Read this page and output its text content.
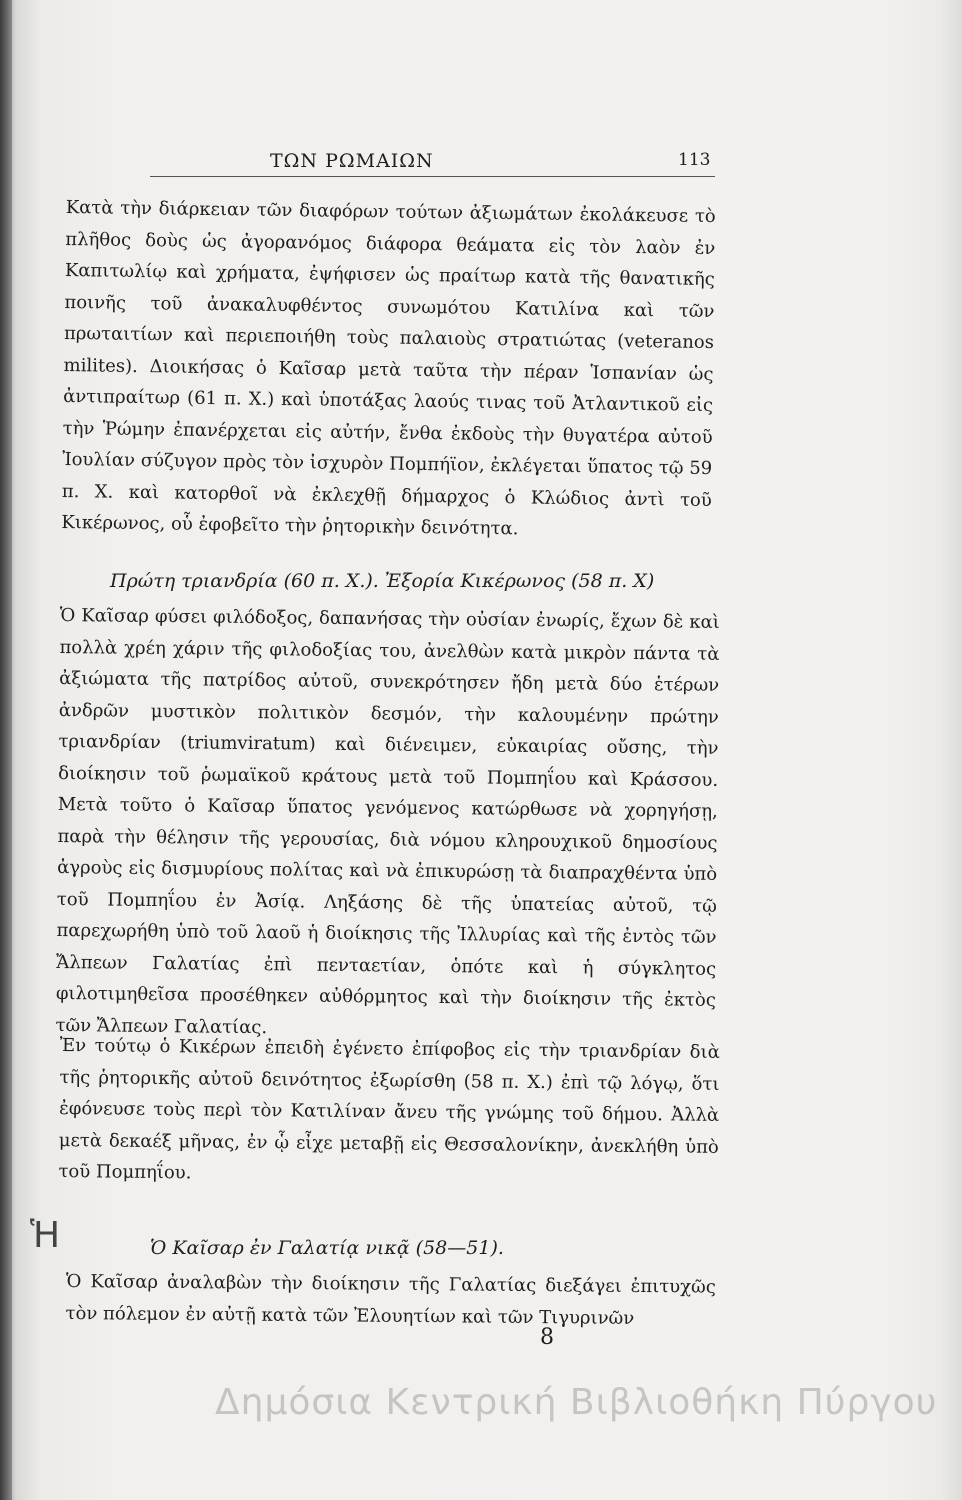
ΤΩΝ ΡΩΜΑΙΩΝ	113

Κατὰ τὴν διάρκειαν τῶν διαφόρων τούτων ἀξιωμάτων ἐκολάκευσε τὸ πλῆθος δοὺς ὡς ἀγορανόμος διάφορα θεάματα εἰς τὸν λαὸν ἐν Καπιτωλίῳ καὶ χρήματα, ἐψήφισεν ὡς πραίτωρ κατὰ τῆς θανατικῆς ποινῆς τοῦ ἀνακαλυφθέντος συνωμότου Κατιλίνα καὶ τῶν πρωταιτίων καὶ περιεποιήθη τοὺς παλαιοὺς στρατιώτας (veteranos milites). Διοικήσας ὁ Καῖσαρ μετὰ ταῦτα τὴν πέραν Ἱσπανίαν ὡς ἀντιπραίτωρ (61 π. Χ.) καὶ ὑποτάξας λαούς τινας τοῦ Ἀτλαντικοῦ εἰς τὴν Ῥώμην ἐπανέρχεται εἰς αὐτήν, ἔνθα ἐκδοὺς τὴν θυγατέρα αὐτοῦ Ἰουλίαν σύζυγον πρὸς τὸν ἰσχυρὸν Πομπήϊον, ἐκλέγεται ὕπατος τῷ 59 π. Χ. καὶ κατορθοῖ νὰ ἐκλεχθῇ δήμαρχος ὁ Κλώδιος ἀντὶ τοῦ Κικέρωνος, οὗ ἐφοβεῖτο τὴν ῥητορικὴν δεινότητα.

Πρώτη τριανδρία (60 π. Χ.). Ἐξορία Κικέρωνος (58 π. Χ)

Ὁ Καῖσαρ φύσει φιλόδοξος, δαπανήσας τὴν οὐσίαν ἐνωρίς, ἔχων δὲ καὶ πολλὰ χρέη χάριν τῆς φιλοδοξίας του, ἀνελθὼν κατὰ μικρὸν πάντα τὰ ἀξιώματα τῆς πατρίδος αὐτοῦ, συνεκρότησεν ἤδη μετὰ δύο ἑτέρων ἀνδρῶν μυστικὸν πολιτικὸν δεσμόν, τὴν καλουμένην πρώτην τριανδρίαν (triumviratum) καὶ διένειμεν, εὐκαιρίας οὔσης, τὴν διοίκησιν τοῦ ῥωμαϊκοῦ κράτους μετὰ τοῦ Πομπηΐου καὶ Κράσσου. Μετὰ τοῦτο ὁ Καῖσαρ ὕπατος γενόμενος κατώρθωσε νὰ χορηγήσῃ, παρὰ τὴν θέλησιν τῆς γερουσίας, διὰ νόμου κληρουχικοῦ δημοσίους ἀγροὺς εἰς δισμυρίους πολίτας καὶ νὰ ἐπικυρώσῃ τὰ διαπραχθέντα ὑπὸ τοῦ Πομπηΐου ἐν Ἀσίᾳ. Ληξάσης δὲ τῆς ὑπατείας αὐτοῦ, τῷ παρεχωρήθη ὑπὸ τοῦ λαοῦ ἡ διοίκησις τῆς Ἰλλυρίας καὶ τῆς ἐντὸς τῶν Ἄλπεων Γαλατίας ἐπὶ πενταετίαν, ὁπότε καὶ ἡ σύγκλητος φιλοτιμηθεῖσα προσέθηκεν αὐθόρμητος καὶ τὴν διοίκησιν τῆς ἐκτὸς τῶν Ἄλπεων Γαλατίας.

Ἐν τούτῳ ὁ Κικέρων ἐπειδὴ ἐγένετο ἐπίφοβος εἰς τὴν τριανδρίαν διὰ τῆς ῥητορικῆς αὐτοῦ δεινότητος ἐξωρίσθη (58 π. Χ.) ἐπὶ τῷ λόγῳ, ὅτι ἐφόνευσε τοὺς περὶ τὸν Κατιλίναν ἄνευ τῆς γνώμης τοῦ δήμου. Ἀλλὰ μετὰ δεκαέξ μῆνας, ἐν ᾧ εἶχε μεταβῇ εἰς Θεσσαλονίκην, ἀνεκλήθη ὑπὸ τοῦ Πομπηΐου.

Ἡ	Ὁ Καῖσαρ ἐν Γαλατίᾳ νικᾷ (58—51).

Ὁ Καῖσαρ ἀναλαβὼν τὴν διοίκησιν τῆς Γαλατίας διεξάγει ἐπιτυχῶς τὸν πόλεμον ἐν αὐτῇ κατὰ τῶν Ἐλουητίων καὶ τῶν Τιγυρινῶν

8
Δημόσια Κεντρική Βιβλιοθήκη Πύργου
